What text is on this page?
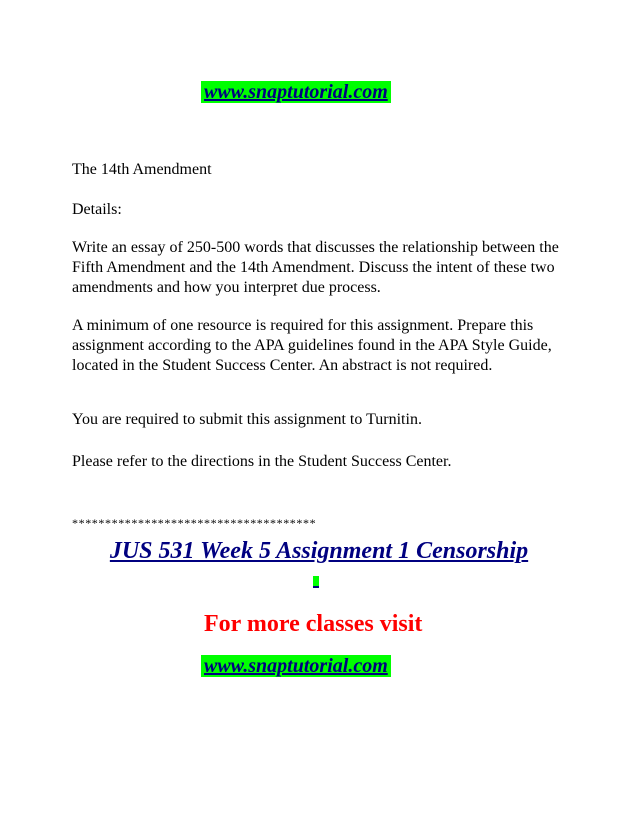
www.snaptutorial.com

The 14th Amendment

Details:

Write an essay of 250-500 words that discusses the relationship between the Fifth Amendment and the 14th Amendment. Discuss the intent of these two amendments and how you interpret due process.

A minimum of one resource is required for this assignment. Prepare this assignment according to the APA guidelines found in the APA Style Guide, located in the Student Success Center. An abstract is not required.

You are required to submit this assignment to Turnitin.

Please refer to the directions in the Student Success Center.

*************************************

JUS 531 Week 5 Assignment 1 Censorship

For more classes visit

www.snaptutorial.com
